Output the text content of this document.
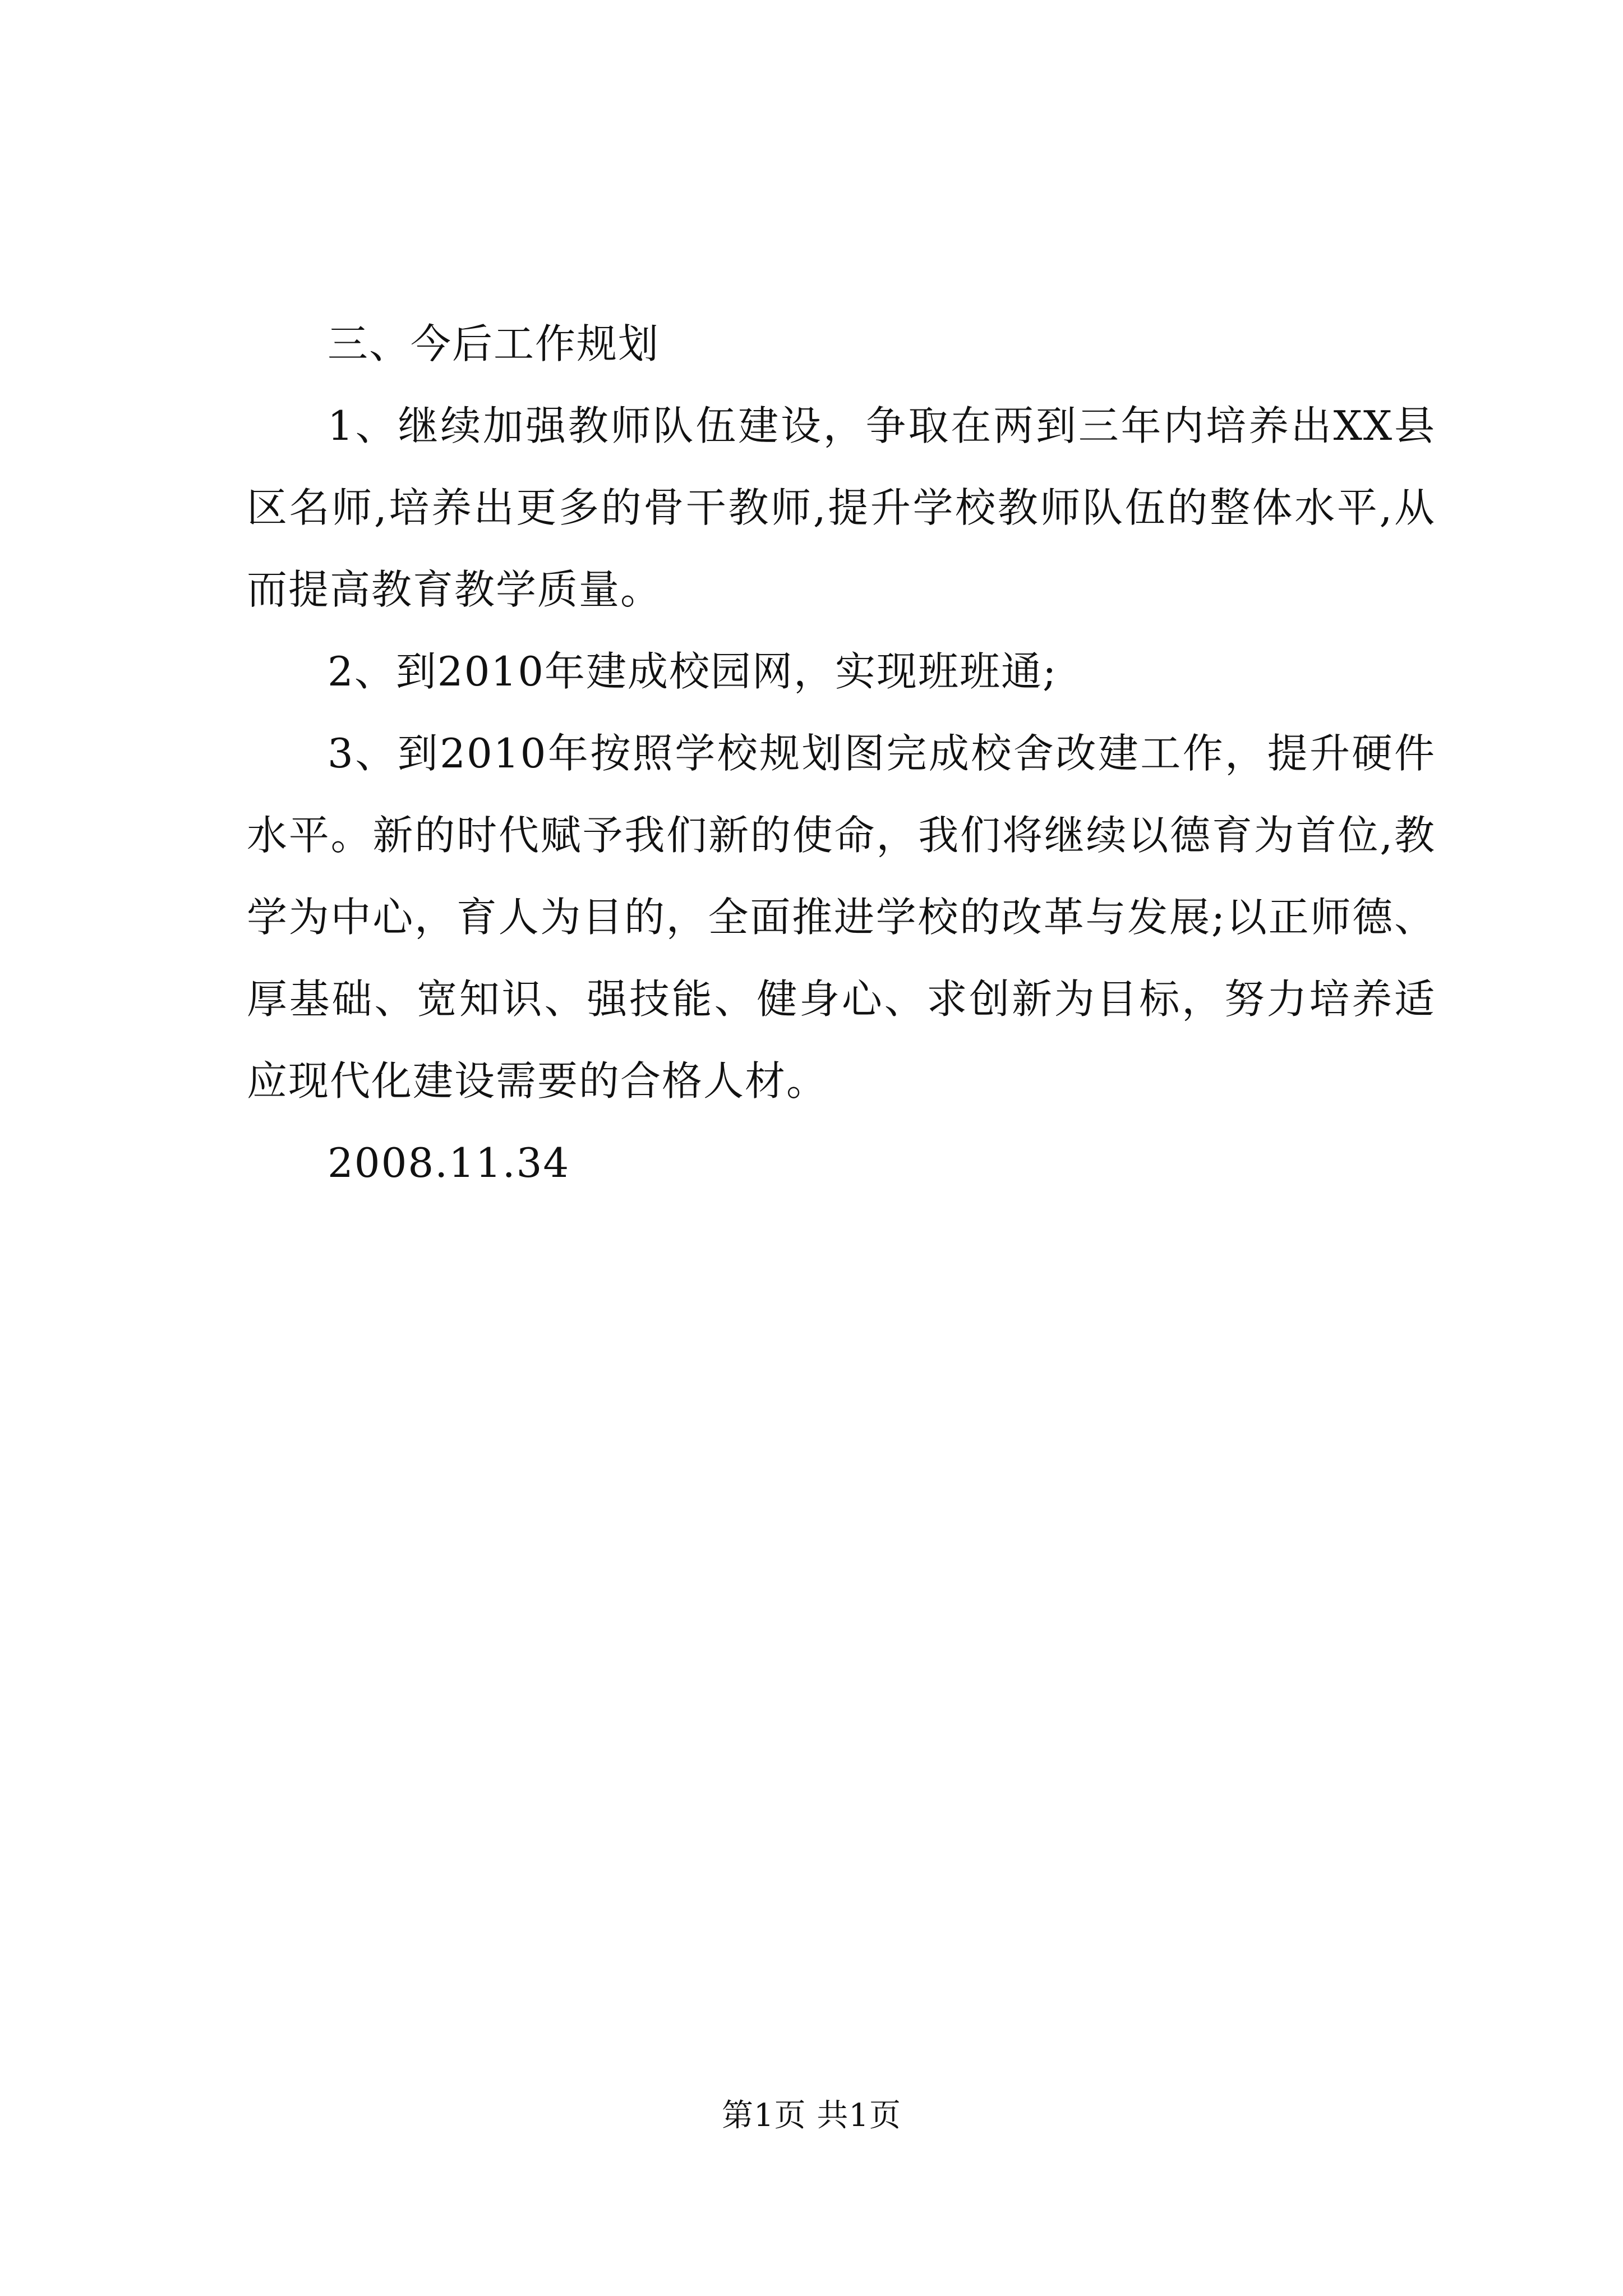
三、今后工作规划

1、继续加强教师队伍建设，争取在两到三年内培养出XX县区名师,培养出更多的骨干教师,提升学校教师队伍的整体水平,从而提高教育教学质量。

2、到2010年建成校园网，实现班班通;

3、到2010年按照学校规划图完成校舍改建工作，提升硬件水平。新的时代赋予我们新的使命，我们将继续以德育为首位,教学为中心，育人为目的，全面推进学校的改革与发展;以正师德、厚基础、宽知识、强技能、健身心、求创新为目标，努力培养适应现代化建设需要的合格人材。

2008.11.34

第1页 共1页
